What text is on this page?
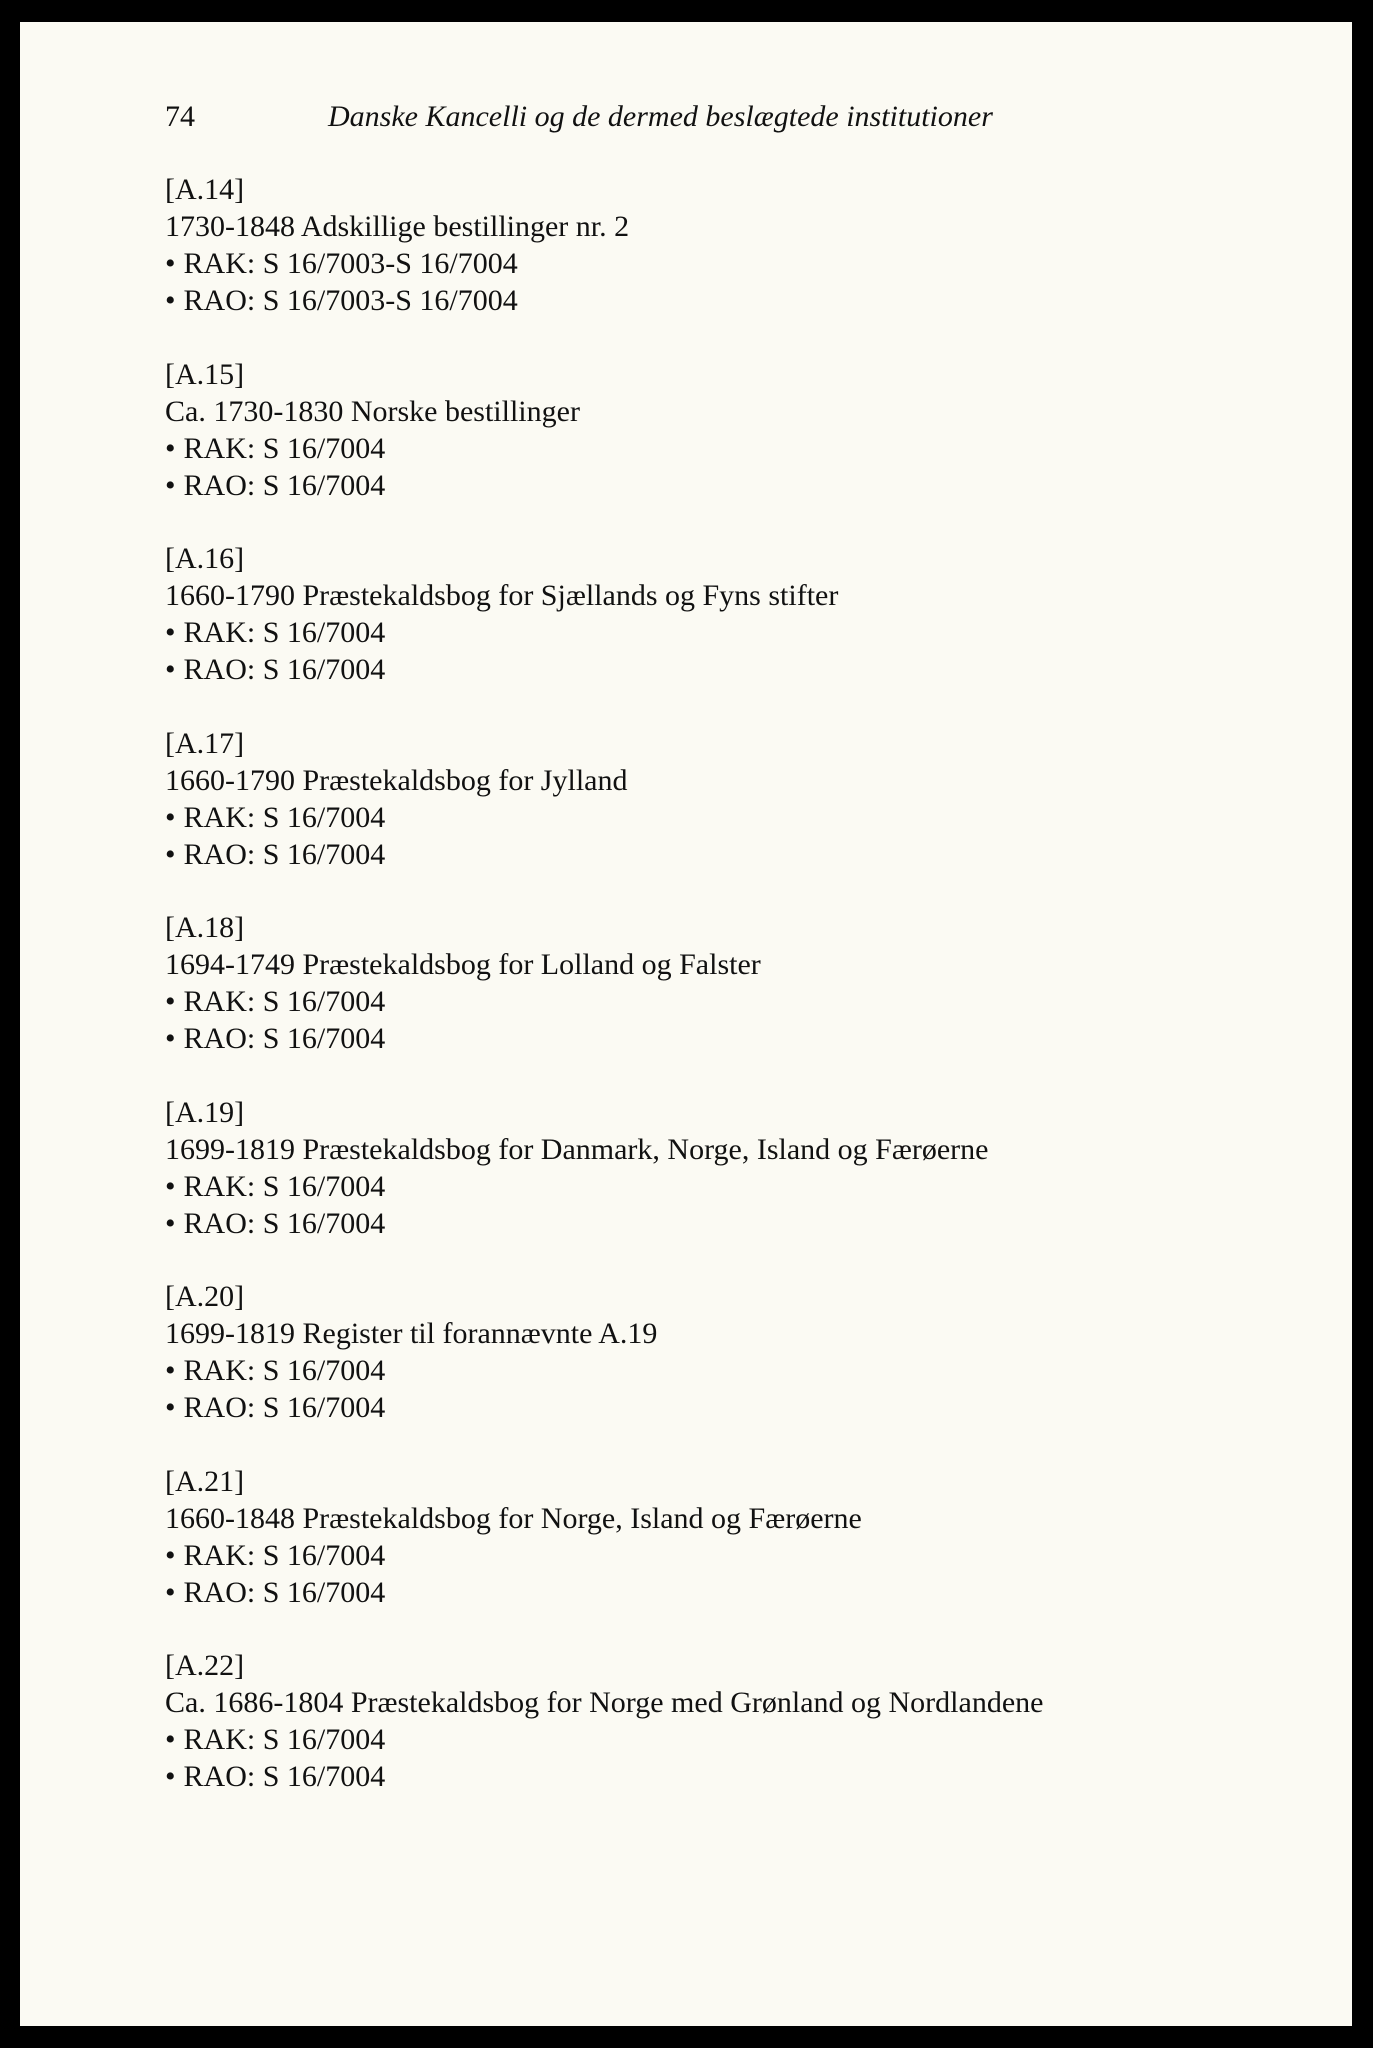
74	Danske Kancelli og de dermed beslægtede institutioner
[A.14]
1730-1848 Adskillige bestillinger nr. 2
• RAK: S 16/7003-S 16/7004
• RAO: S 16/7003-S 16/7004
[A.15]
Ca. 1730-1830 Norske bestillinger
• RAK: S 16/7004
• RAO: S 16/7004
[A.16]
1660-1790 Præstekaldsbog for Sjællands og Fyns stifter
• RAK: S 16/7004
• RAO: S 16/7004
[A.17]
1660-1790 Præstekaldsbog for Jylland
• RAK: S 16/7004
• RAO: S 16/7004
[A.18]
1694-1749 Præstekaldsbog for Lolland og Falster
• RAK: S 16/7004
• RAO: S 16/7004
[A.19]
1699-1819 Præstekaldsbog for Danmark, Norge, Island og Færøerne
• RAK: S 16/7004
• RAO: S 16/7004
[A.20]
1699-1819 Register til forannævnte A.19
• RAK: S 16/7004
• RAO: S 16/7004
[A.21]
1660-1848 Præstekaldsbog for Norge, Island og Færøerne
• RAK: S 16/7004
• RAO: S 16/7004
[A.22]
Ca. 1686-1804 Præstekaldsbog for Norge med Grønland og Nordlandene
• RAK: S 16/7004
• RAO: S 16/7004
